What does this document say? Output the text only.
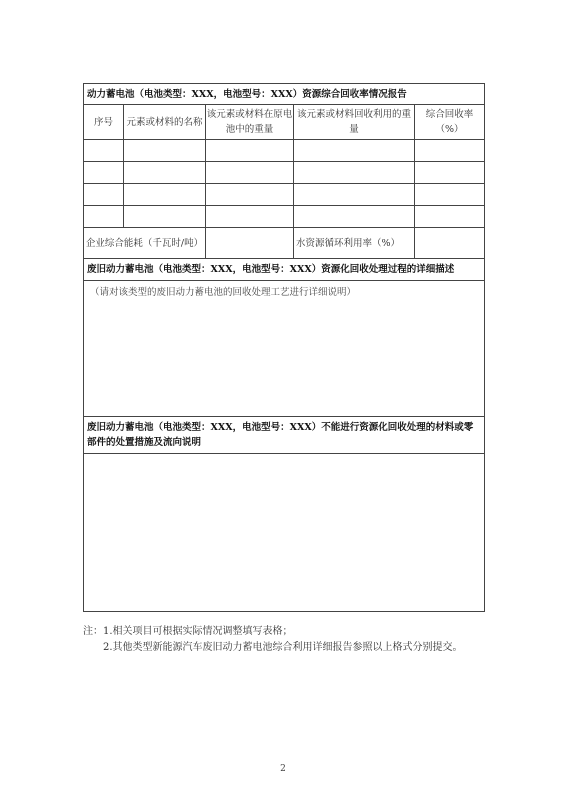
动力蓄电池（电池类型：XXX，电池型号：XXX）资源综合回收率情况报告				
序号	元素或材料的名称	该元素或材料在原电池中的重量	该元素或材料回收利用的重量	综合回收率（%）

企业综合能耗（千瓦时/吨）			水资源循环利用率（%）	
废旧动力蓄电池（电池类型：XXX，电池型号：XXX）资源化回收处理过程的详细描述				
（请对该类型的废旧动力蓄电池的回收处理工艺进行详细说明）				
废旧动力蓄电池（电池类型：XXX，电池型号：XXX）不能进行资源化回收处理的材料或零部件的处置措施及流向说明				

注：1.相关项目可根据实际情况调整填写表格；

2.其他类型新能源汽车废旧动力蓄电池综合利用详细报告参照以上格式分别提交。

2
